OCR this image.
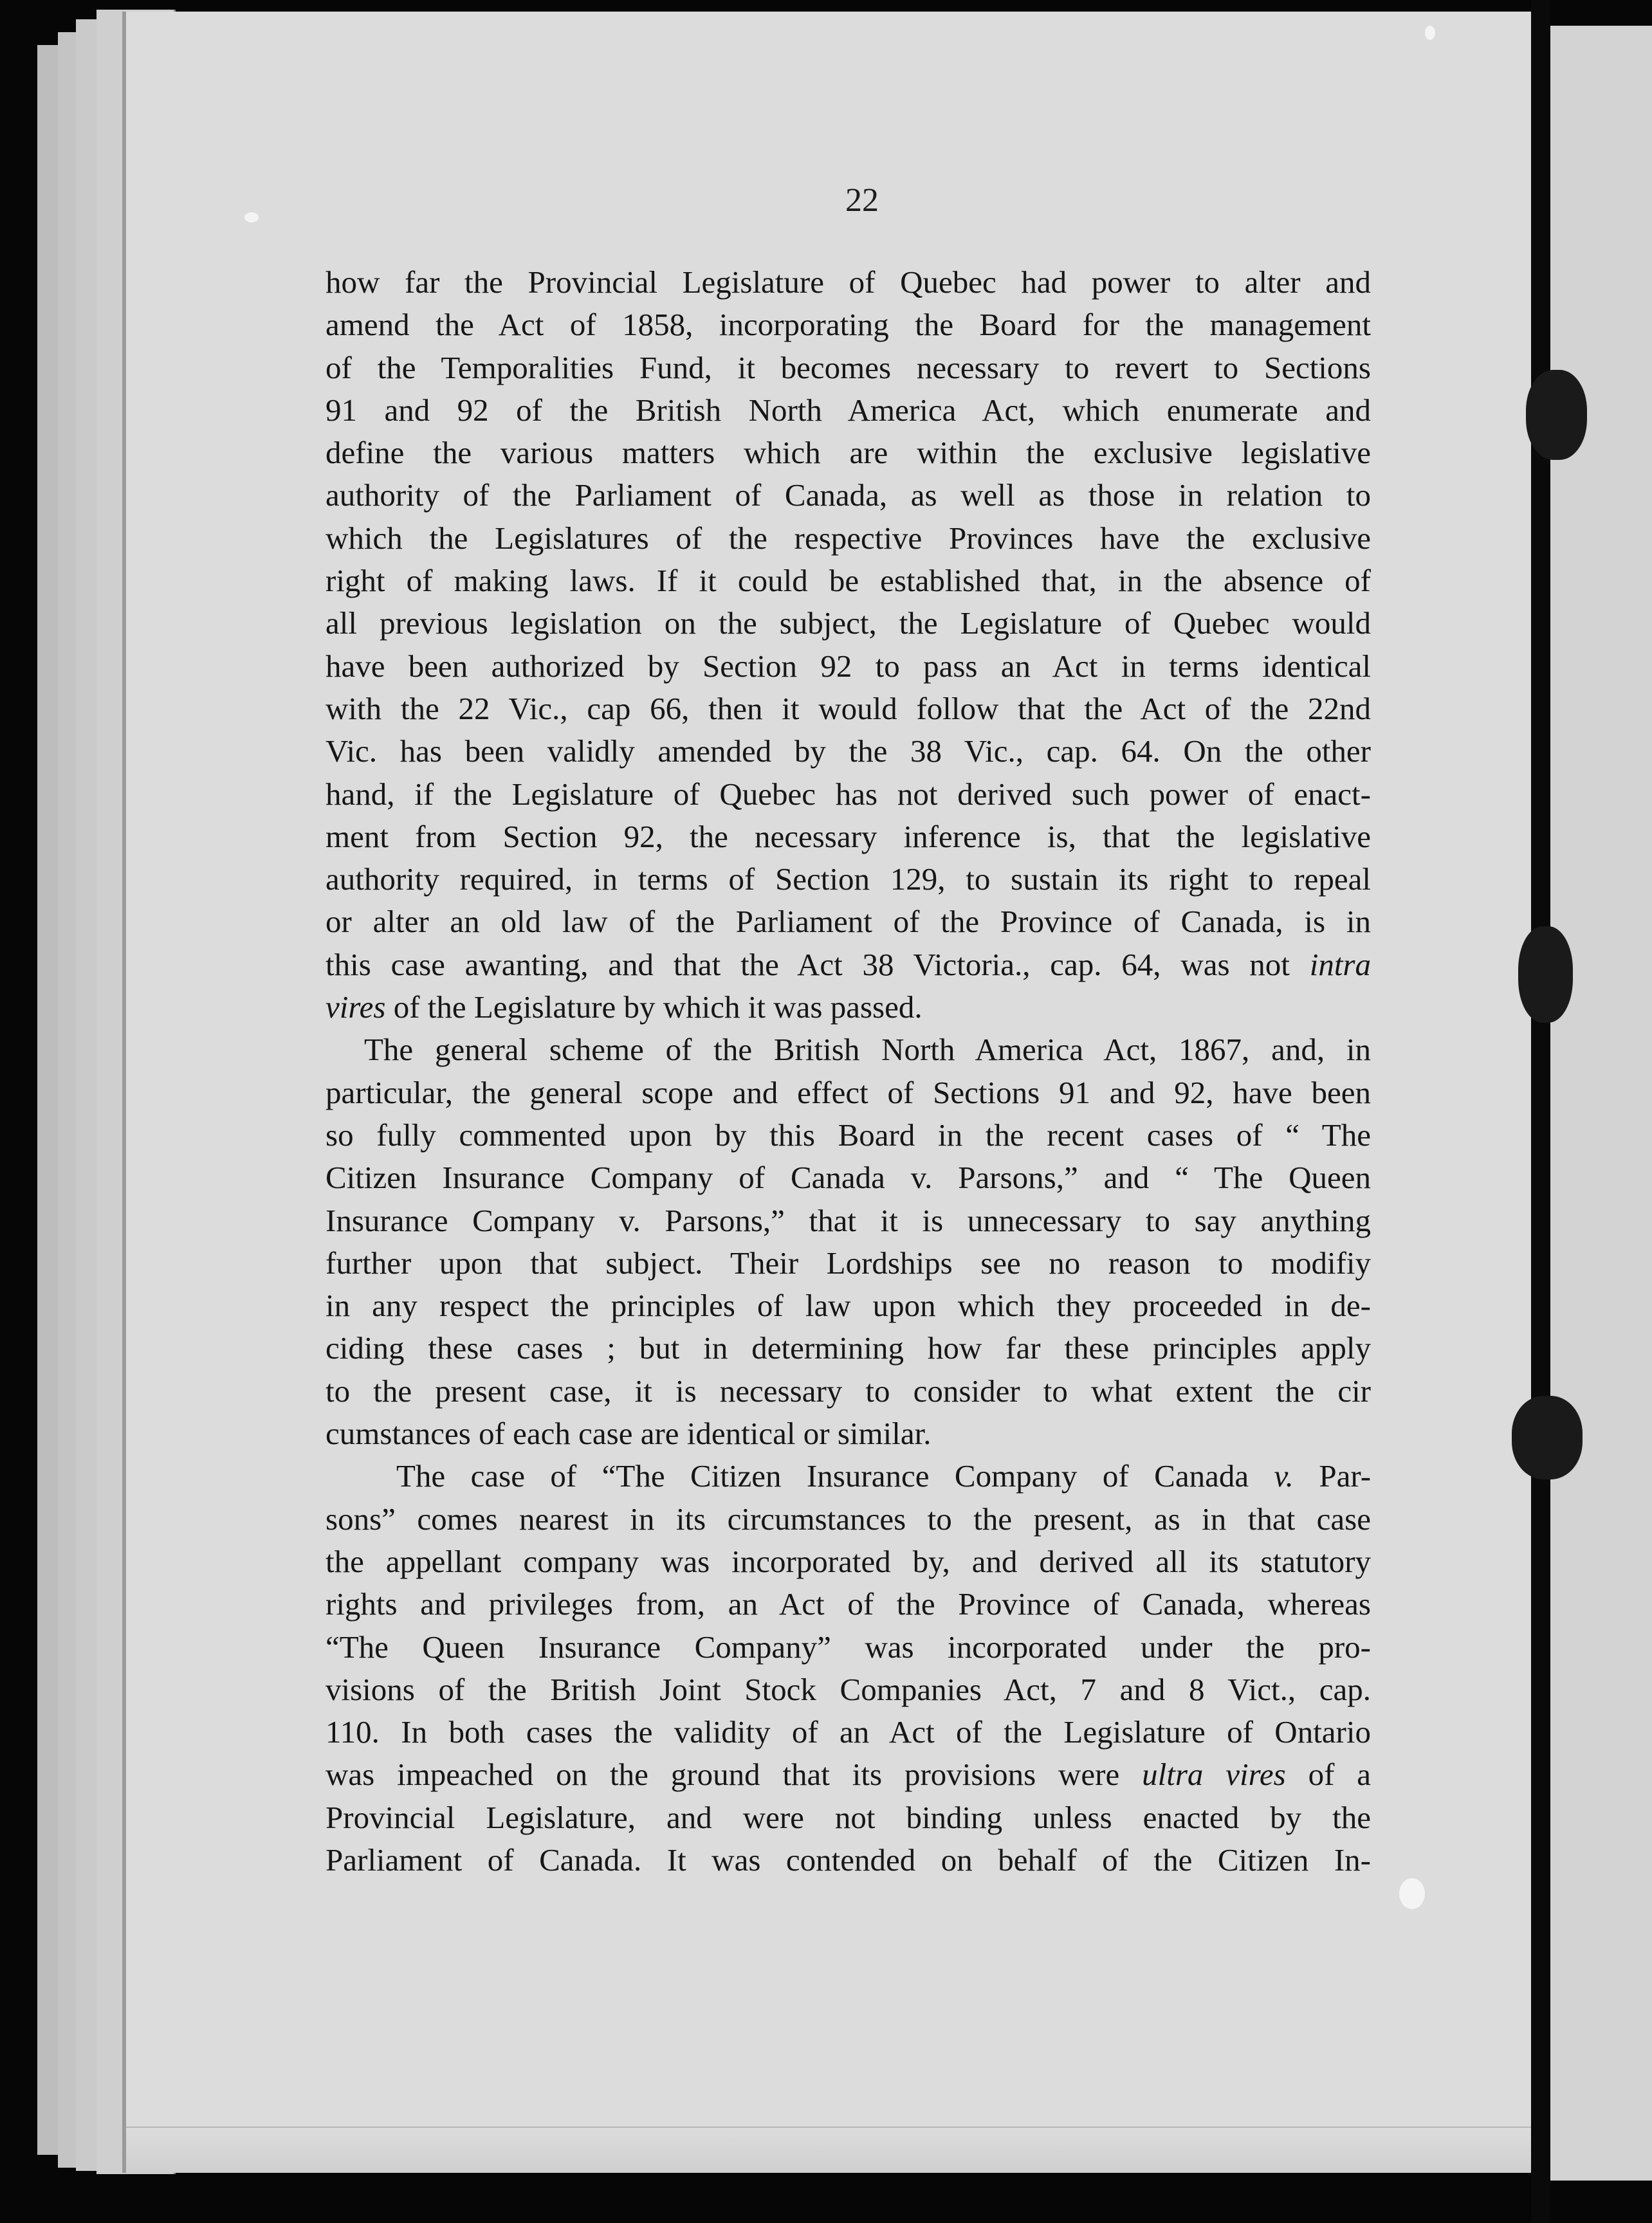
22

how far the Provincial Legislature of Quebec had power to alter and
amend the Act of 1858, incorporating the Board for the management
of the Temporalities Fund, it becomes necessary to revert to Sections
91 and 92 of the British North America Act, which enumerate and
define the various matters which are within the exclusive legislative
authority of the Parliament of Canada, as well as those in relation to
which the Legislatures of the respective Provinces have the exclusive
right of making laws. If it could be established that, in the absence of
all previous legislation on the subject, the Legislature of Quebec would
have been authorized by Section 92 to pass an Act in terms identical
with the 22 Vic., cap 66, then it would follow that the Act of the 22nd
Vic. has been validly amended by the 38 Vic., cap. 64. On the other
hand, if the Legislature of Quebec has not derived such power of enact-
ment from Section 92, the necessary inference is, that the legislative
authority required, in terms of Section 129, to sustain its right to repeal
or alter an old law of the Parliament of the Province of Canada, is in
this case awanting, and that the Act 38 Victoria., cap. 64, was not intra
vires of the Legislature by which it was passed.

The general scheme of the British North America Act, 1867, and, in
particular, the general scope and effect of Sections 91 and 92, have been
so fully commented upon by this Board in the recent cases of “ The
Citizen Insurance Company of Canada v. Parsons,” and “ The Queen
Insurance Company v. Parsons,” that it is unnecessary to say anything
further upon that subject. Their Lordships see no reason to modifiy
in any respect the principles of law upon which they proceeded in de-
ciding these cases ; but in determining how far these principles apply
to the present case, it is necessary to consider to what extent the cir
cumstances of each case are identical or similar.

The case of “The Citizen Insurance Company of Canada v. Par-
sons” comes nearest in its circumstances to the present, as in that case
the appellant company was incorporated by, and derived all its statutory
rights and privileges from, an Act of the Province of Canada, whereas
“The Queen Insurance Company” was incorporated under the pro-
visions of the British Joint Stock Companies Act, 7 and 8 Vict., cap.
110. In both cases the validity of an Act of the Legislature of Ontario
was impeached on the ground that its provisions were ultra vires of a
Provincial Legislature, and were not binding unless enacted by the
Parliament of Canada. It was contended on behalf of the Citizen In-
